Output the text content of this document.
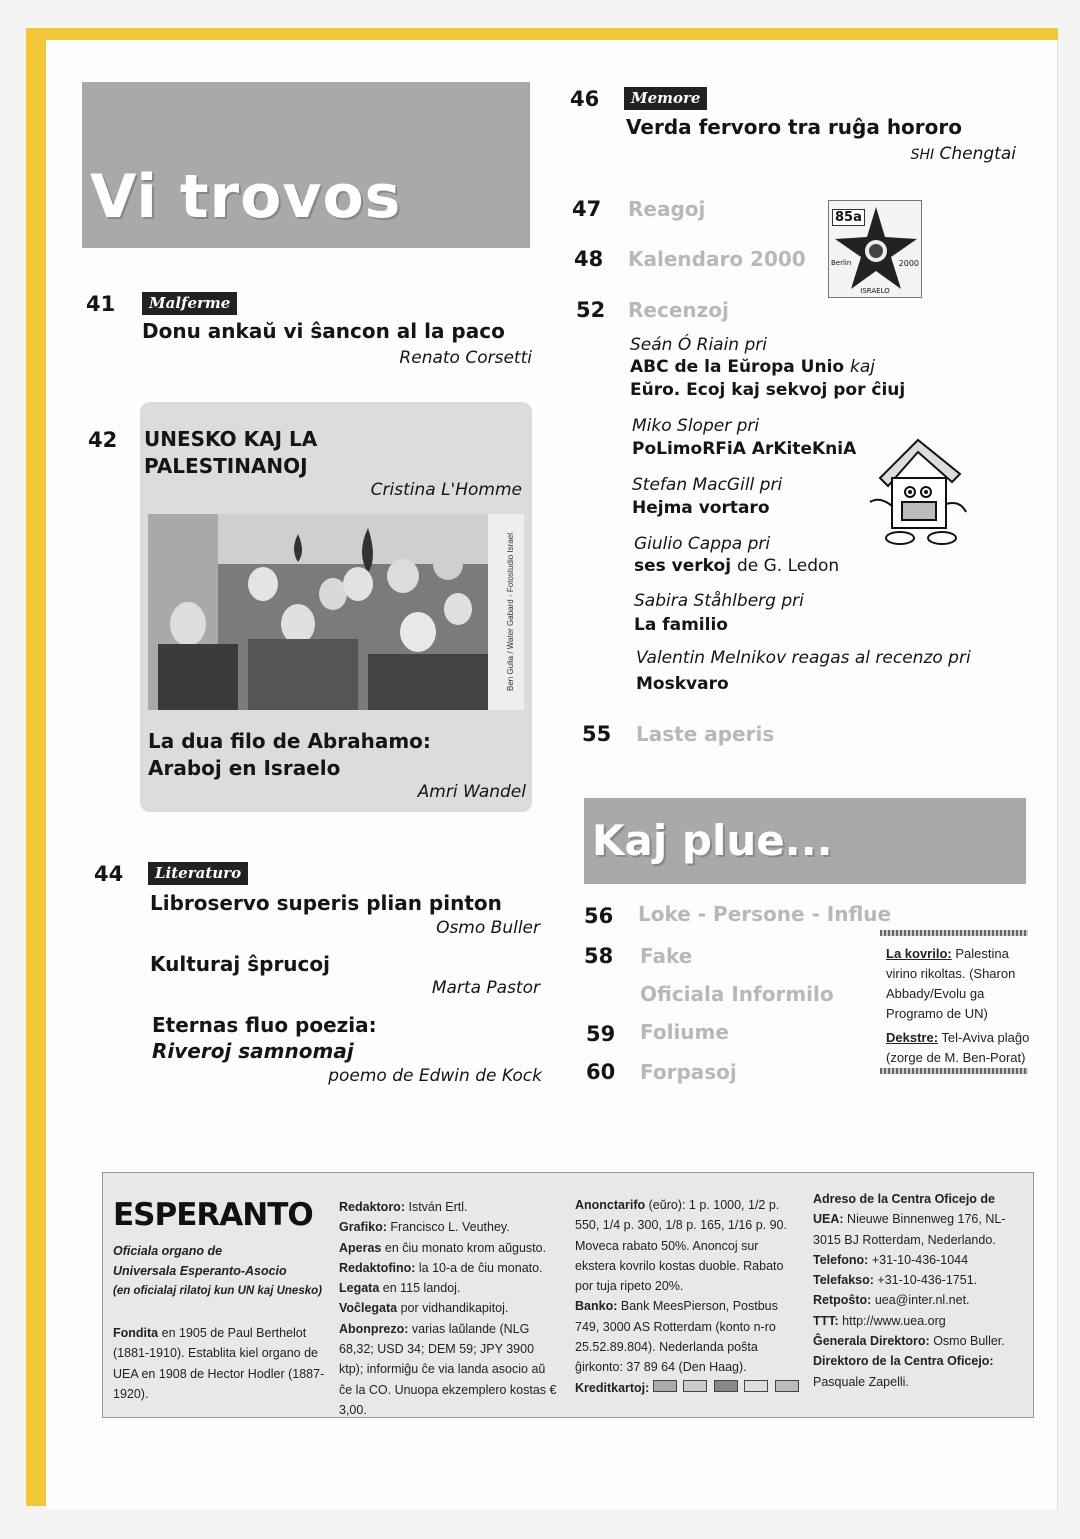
Vi trovos
41	Malferme
Donu ankaŭ vi ŝancon al la paco
Renato Corsetti
42 UNESKO KAJ LA
PALESTINANOJ
Cristina L'Homme
Ben Gulia / Water Gabard - Fotostudio Israel
La dua filo de Abrahamo:
Araboj en Israelo
Amri Wandel
44	Literaturo
Libroservo superis plian pinton
Osmo Buller
Kulturaj ŝprucoj
Marta Pastor
Eternas fluo poezia:
Riveroj samnomaj
poemo de Edwin de Kock
46	Memore
Verda fervoro tra ruĝa hororo
SHI Chengtai
47 Reagoj
48 Kalendaro 2000
85a
Berlin	2000
ISRAELO
52 Recenzoj
Seán Ó Riain pri
ABC de la Eŭropa Unio kaj
Eŭro. Ecoj kaj sekvoj por ĉiuj
Miko Sloper pri
PoLimoRFiA ArKiteKniA
Stefan MacGill pri
Hejma vortaro
Giulio Cappa pri
ses verkoj de G. Ledon
Sabira Ståhlberg pri
La familio
Valentin Melnikov reagas al recenzo pri
Moskvaro
55 Laste aperis
Kaj plue...
56 Loke - Persone - Influe
58 Fake
Oficiala Informilo
59 Foliume
60 Forpasoj
La kovrilo: Palestina virino rikoltas. (Sharon Abbady/Evolu ga Programo de UN)
Dekstre: Tel-Aviva plaĝo (zorge de M. Ben-Porat)
ESPERANTO
Oficiala organo de
Universala Esperanto-Asocio
(en oficialaj rilatoj kun UN kaj Unesko)
Fondita en 1905 de Paul Berthelot (1881-1910). Establita kiel organo de UEA en 1908 de Hector Hodler (1887-1920).
Redaktoro: István Ertl.
Grafiko: Francisco L. Veuthey.
Aperas en ĉiu monato krom aŭgusto.
Redaktofino: la 10-a de ĉiu monato.
Legata en 115 landoj.
Voĉlegata por vidhandikapitoj.
Abonprezo: varias laŭlande (NLG 68,32; USD 34; DEM 59; JPY 3900 ktp); informiĝu ĉe via landa asocio aŭ ĉe la CO. Unuopa ekzemplero kostas € 3,00.
Anonctarifo (eŭro): 1 p. 1000, 1/2 p. 550, 1/4 p. 300, 1/8 p. 165, 1/16 p. 90. Moveca rabato 50%. Anoncoj sur ekstera kovrilo kostas duoble. Rabato por tuja ripeto 20%.
Banko: Bank MeesPierson, Postbus 749, 3000 AS Rotterdam (konto n-ro 25.52.89.804). Nederlanda poŝta ĝirkonto: 37 89 64 (Den Haag).
Kreditkartoj:
Adreso de la Centra Oficejo de UEA: Nieuwe Binnenweg 176, NL-3015 BJ Rotterdam, Nederlando.
Telefono: +31-10-436-1044
Telefakso: +31-10-436-1751.
Retpoŝto: uea@inter.nl.net.
TTT: http://www.uea.org
Ĝenerala Direktoro: Osmo Buller.
Direktoro de la Centra Oficejo: Pasquale Zapelli.
